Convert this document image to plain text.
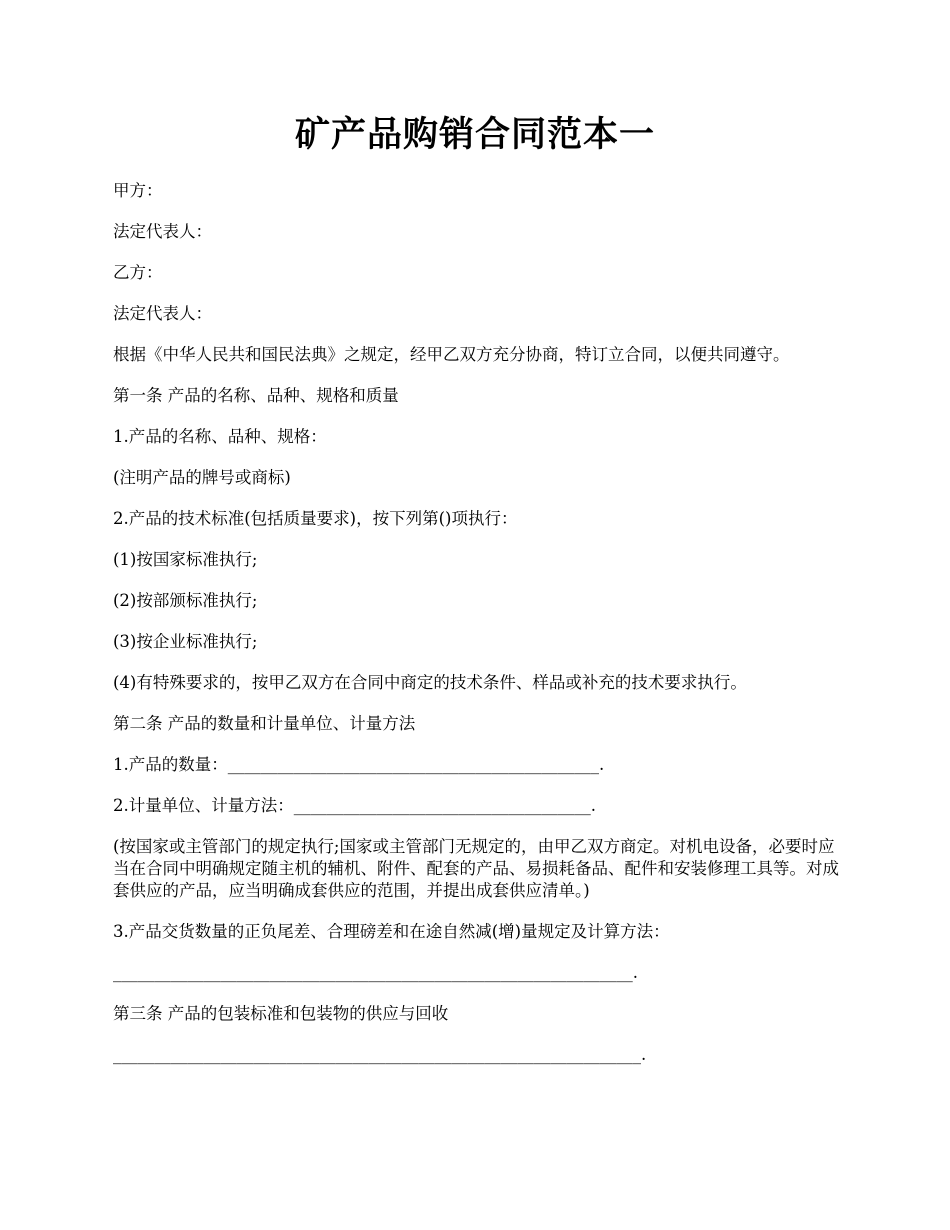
矿产品购销合同范本一

甲方：

法定代表人：

乙方：

法定代表人：

根据《中华人民共和国民法典》之规定，经甲乙双方充分协商，特订立合同，以便共同遵守。

第一条 产品的名称、品种、规格和质量

1.产品的名称、品种、规格：

(注明产品的牌号或商标)

2.产品的技术标准(包括质量要求)，按下列第()项执行：

(1)按国家标准执行;

(2)按部颁标准执行;

(3)按企业标准执行;

(4)有特殊要求的，按甲乙双方在合同中商定的技术条件、样品或补充的技术要求执行。

第二条 产品的数量和计量单位、计量方法

1.产品的数量：_____________________________________________.

2.计量单位、计量方法：____________________________________.

(按国家或主管部门的规定执行;国家或主管部门无规定的，由甲乙双方商定。对机电设备，必要时应当在合同中明确规定随主机的辅机、附件、配套的产品、易损耗备品、配件和安装修理工具等。对成套供应的产品，应当明确成套供应的范围，并提出成套供应清单。)

3.产品交货数量的正负尾差、合理磅差和在途自然减(增)量规定及计算方法：

_______________________________________________________________.

第三条 产品的包装标准和包装物的供应与回收

________________________________________________________________.
